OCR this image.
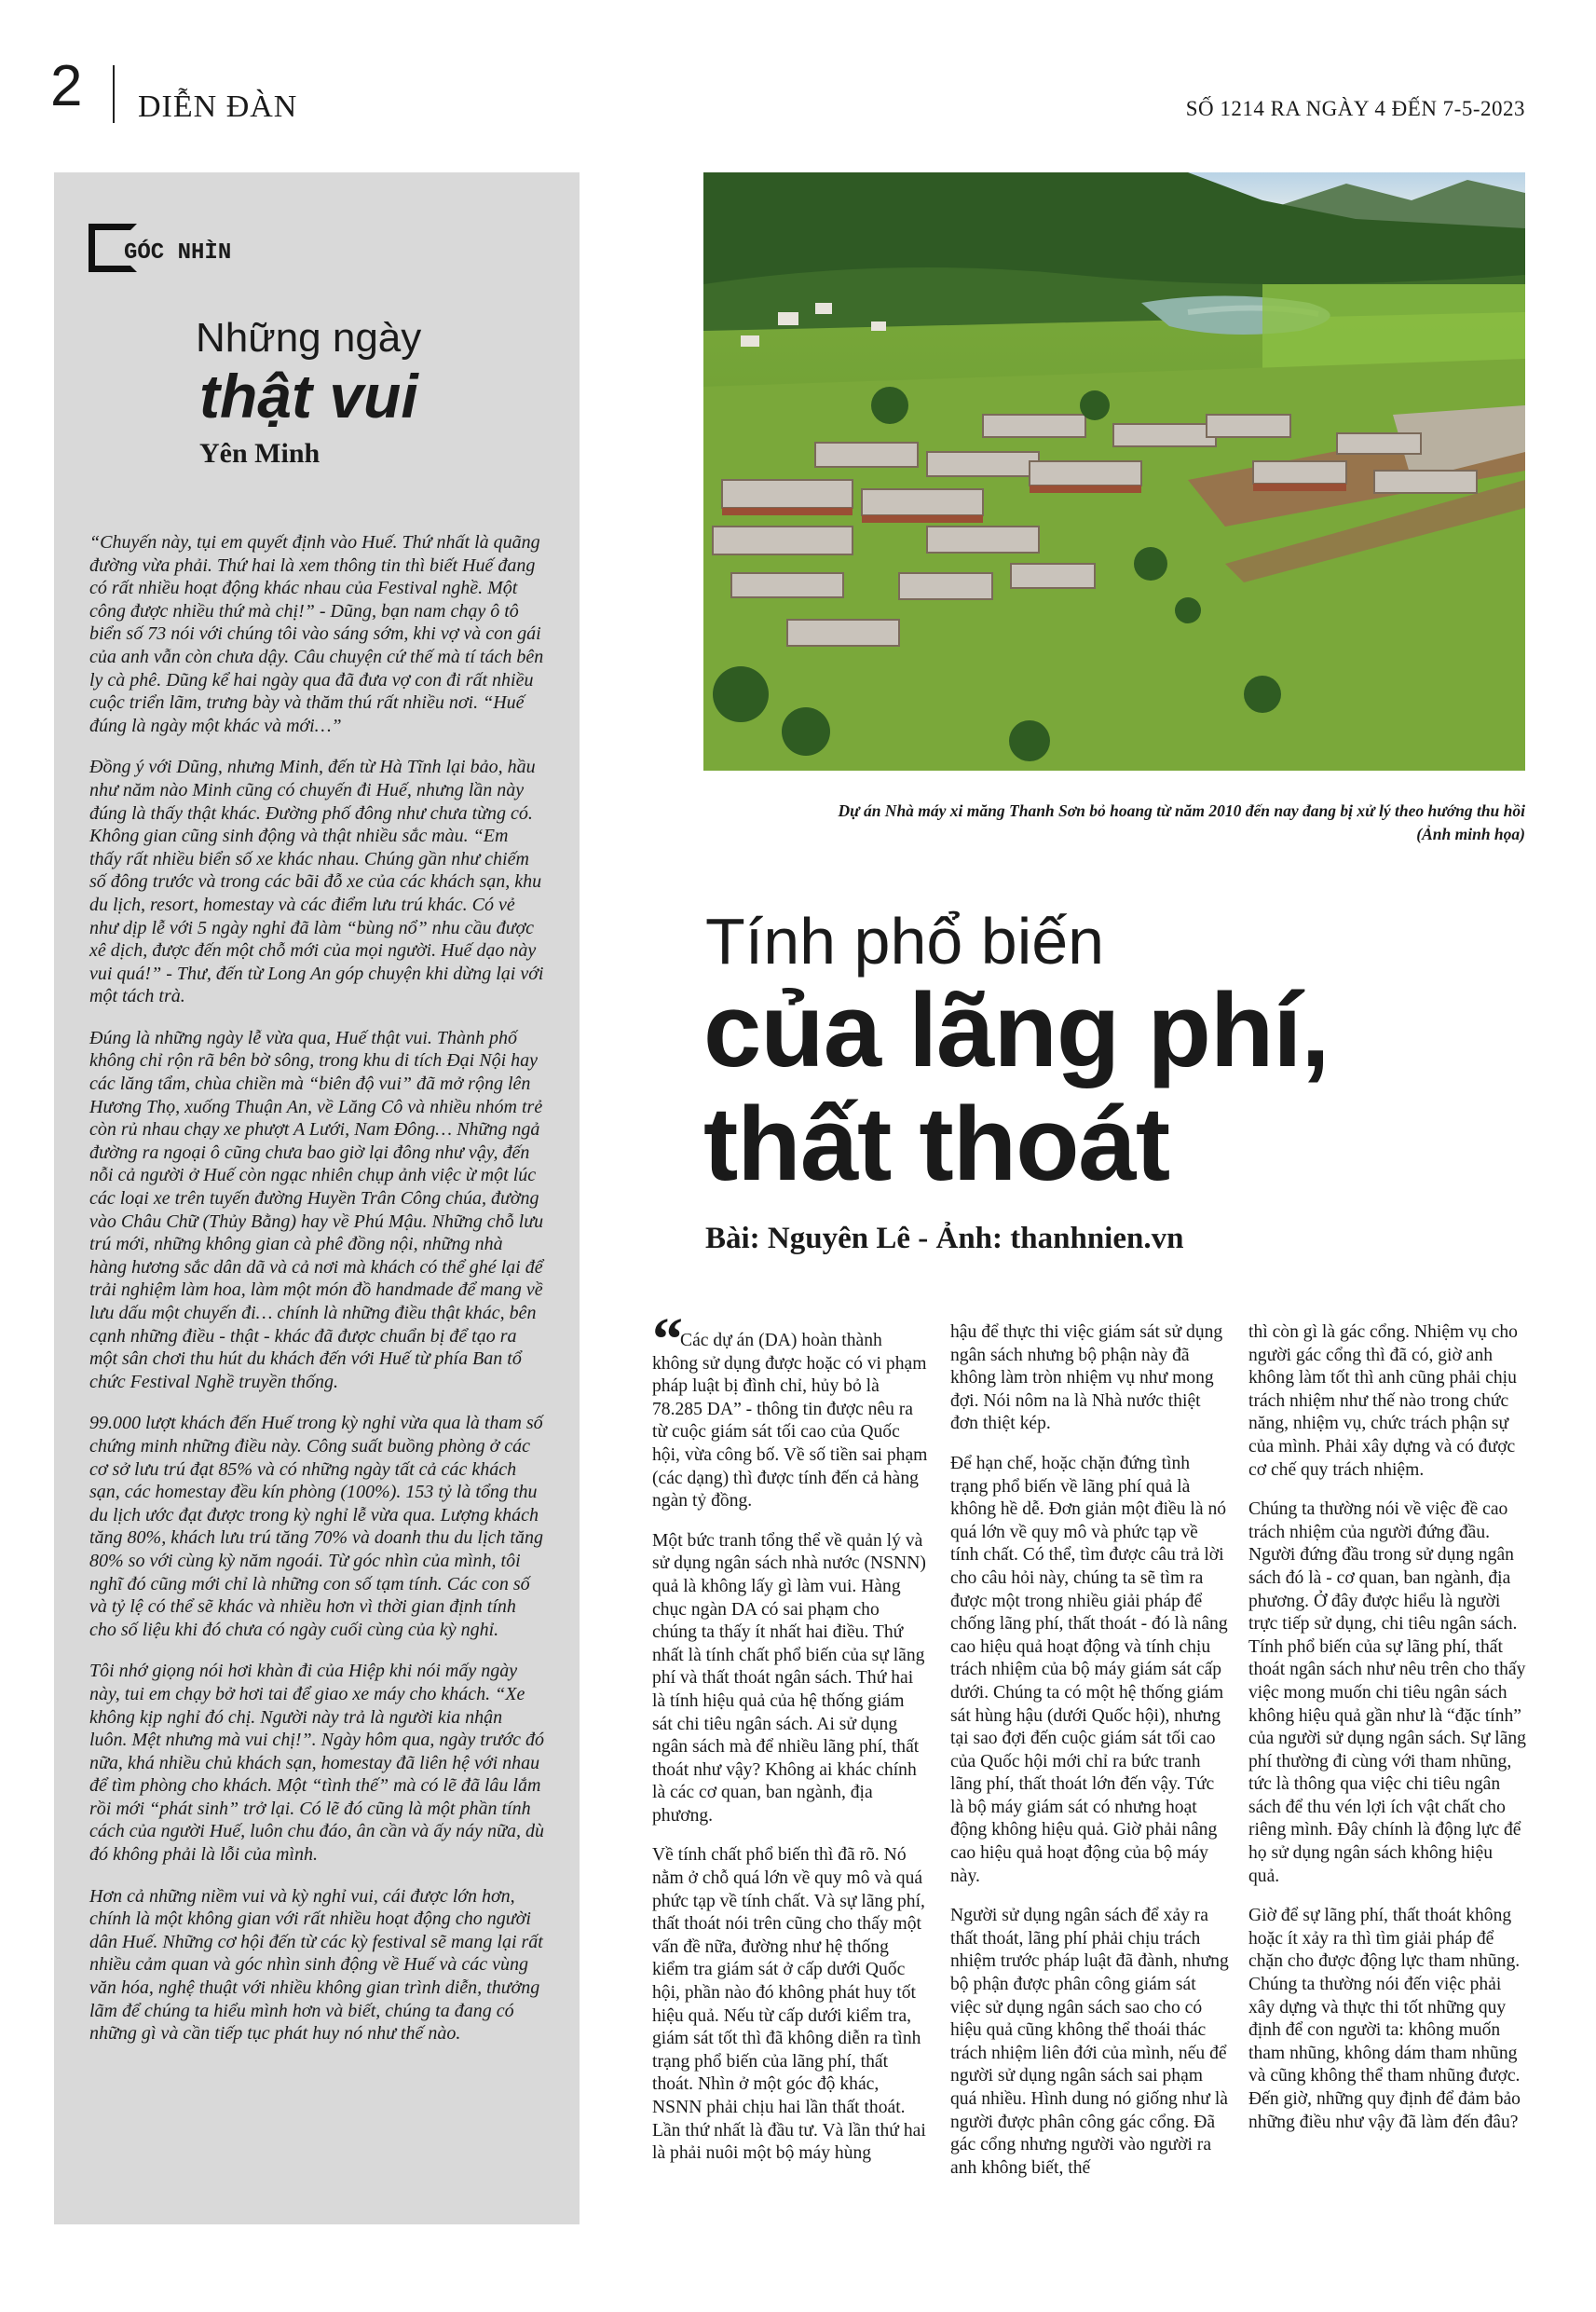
2 DIỄN ĐÀN	SỐ 1214 RA NGÀY 4 ĐẾN 7-5-2023
GÓC NHÌN
Những ngày
thật vui
Yên Minh

“Chuyến này, tụi em quyết định vào Huế. Thứ nhất là quãng đường vừa phải. Thứ hai là xem thông tin thì biết Huế đang có rất nhiều hoạt động khác nhau của Festival nghề. Một công được nhiều thứ mà chị!” - Dũng, bạn nam chạy ô tô biển số 73 nói với chúng tôi vào sáng sớm, khi vợ và con gái của anh vẫn còn chưa dậy. Câu chuyện cứ thế mà tí tách bên ly cà phê. Dũng kể hai ngày qua đã đưa vợ con đi rất nhiều cuộc triển lãm, trưng bày và thăm thú rất nhiều nơi. “Huế đúng là ngày một khác và mới…”

Đồng ý với Dũng, nhưng Minh, đến từ Hà Tĩnh lại bảo, hầu như năm nào Minh cũng có chuyến đi Huế, nhưng lần này đúng là thấy thật khác. Đường phố đông như chưa từng có. Không gian cũng sinh động và thật nhiều sắc màu. “Em thấy rất nhiều biển số xe khác nhau. Chúng gần như chiếm số đông trước và trong các bãi đỗ xe của các khách sạn, khu du lịch, resort, homestay và các điểm lưu trú khác. Có vẻ như dịp lễ với 5 ngày nghỉ đã làm “bùng nổ” nhu cầu được xê dịch, được đến một chỗ mới của mọi người. Huế dạo này vui quá!” - Thư, đến từ Long An góp chuyện khi dừng lại với một tách trà.

Đúng là những ngày lễ vừa qua, Huế thật vui. Thành phố không chỉ rộn rã bên bờ sông, trong khu di tích Đại Nội hay các lăng tẩm, chùa chiền mà “biên độ vui” đã mở rộng lên Hương Thọ, xuống Thuận An, về Lăng Cô và nhiều nhóm trẻ còn rủ nhau chạy xe phượt A Lưới, Nam Đông… Những ngả đường ra ngoại ô cũng chưa bao giờ lại đông như vậy, đến nỗi cả người ở Huế còn ngạc nhiên chụp ảnh việc ừ một lúc các loại xe trên tuyến đường Huyền Trân Công chúa, đường vào Châu Chữ (Thủy Bằng) hay về Phú Mậu. Những chỗ lưu trú mới, những không gian cà phê đồng nội, những nhà hàng hương sắc dân dã và cả nơi mà khách có thể ghé lại để trải nghiệm làm hoa, làm một món đồ handmade để mang về lưu dấu một chuyến đi… chính là những điều thật khác, bên cạnh những điều - thật - khác đã được chuẩn bị để tạo ra một sân chơi thu hút du khách đến với Huế từ phía Ban tổ chức Festival Nghề truyền thống.

99.000 lượt khách đến Huế trong kỳ nghỉ vừa qua là tham số chứng minh những điều này. Công suất buồng phòng ở các cơ sở lưu trú đạt 85% và có những ngày tất cả các khách sạn, các homestay đều kín phòng (100%). 153 tỷ là tổng thu du lịch ước đạt được trong kỳ nghỉ lễ vừa qua. Lượng khách tăng 80%, khách lưu trú tăng 70% và doanh thu du lịch tăng 80% so với cùng kỳ năm ngoái. Từ góc nhìn của mình, tôi nghĩ đó cũng mới chỉ là những con số tạm tính. Các con số và tỷ lệ có thể sẽ khác và nhiều hơn vì thời gian định tính cho số liệu khi đó chưa có ngày cuối cùng của kỳ nghỉ.

Tôi nhớ giọng nói hơi khàn đi của Hiệp khi nói mấy ngày này, tui em chạy bở hơi tai để giao xe máy cho khách. “Xe không kịp nghỉ đó chị. Người này trả là người kia nhận luôn. Mệt nhưng mà vui chị!”. Ngày hôm qua, ngày trước đó nữa, khá nhiều chủ khách sạn, homestay đã liên hệ với nhau để tìm phòng cho khách. Một “tình thế” mà có lẽ đã lâu lắm rồi mới “phát sinh” trở lại. Có lẽ đó cũng là một phần tính cách của người Huế, luôn chu đáo, ân cần và ấy náy nữa, dù đó không phải là lỗi của mình.

Hơn cả những niềm vui và kỳ nghỉ vui, cái được lớn hơn, chính là một không gian với rất nhiều hoạt động cho người dân Huế. Những cơ hội đến từ các kỳ festival sẽ mang lại rất nhiều cảm quan và góc nhìn sinh động về Huế và các vùng văn hóa, nghệ thuật với nhiều không gian trình diễn, thưởng lãm để chúng ta hiểu mình hơn và biết, chúng ta đang có những gì và cần tiếp tục phát huy nó như thế nào.

Dự án Nhà máy xi măng Thanh Sơn bỏ hoang từ năm 2010 đến nay đang bị xử lý theo hướng thu hồi
(Ảnh minh họa)
Tính phổ biến
của lãng phí,
thất thoát
Bài: Nguyên Lê - Ảnh: thanhnien.vn
“

Các dự án (DA) hoàn thành không sử dụng được hoặc có vi phạm pháp luật bị đình chỉ, hủy bỏ là 78.285 DA” - thông tin được nêu ra từ cuộc giám sát tối cao của Quốc hội, vừa công bố. Về số tiền sai phạm (các dạng) thì được tính đến cả hàng ngàn tỷ đồng.

Một bức tranh tổng thể về quản lý và sử dụng ngân sách nhà nước (NSNN) quả là không lấy gì làm vui. Hàng chục ngàn DA có sai phạm cho chúng ta thấy ít nhất hai điều. Thứ nhất là tính chất phổ biến của sự lãng phí và thất thoát ngân sách. Thứ hai là tính hiệu quả của hệ thống giám sát chi tiêu ngân sách. Ai sử dụng ngân sách mà để nhiều lãng phí, thất thoát như vậy? Không ai khác chính là các cơ quan, ban ngành, địa phương.

Về tính chất phổ biến thì đã rõ. Nó nằm ở chỗ quá lớn về quy mô và quá phức tạp về tính chất. Và sự lãng phí, thất thoát nói trên cũng cho thấy một vấn đề nữa, đường như hệ thống kiểm tra giám sát ở cấp dưới Quốc hội, phần nào đó không phát huy tốt hiệu quả. Nếu từ cấp dưới kiểm tra, giám sát tốt thì đã không diễn ra tình trạng phổ biến của lãng phí, thất thoát. Nhìn ở một góc độ khác, NSNN phải chịu hai lần thất thoát. Lần thứ nhất là đầu tư. Và lần thứ hai là phải nuôi một bộ máy hùng

hậu để thực thi việc giám sát sử dụng ngân sách nhưng bộ phận này đã không làm tròn nhiệm vụ như mong đợi. Nói nôm na là Nhà nước thiệt đơn thiệt kép.

Để hạn chế, hoặc chặn đứng tình trạng phổ biến về lãng phí quả là không hề dễ. Đơn giản một điều là nó quá lớn về quy mô và phức tạp về tính chất. Có thể, tìm được câu trả lời cho câu hỏi này, chúng ta sẽ tìm ra được một trong nhiều giải pháp để chống lãng phí, thất thoát - đó là nâng cao hiệu quả hoạt động và tính chịu trách nhiệm của bộ máy giám sát cấp dưới. Chúng ta có một hệ thống giám sát hùng hậu (dưới Quốc hội), nhưng tại sao đợi đến cuộc giám sát tối cao của Quốc hội mới chỉ ra bức tranh lãng phí, thất thoát lớn đến vậy. Tức là bộ máy giám sát có nhưng hoạt động không hiệu quả. Giờ phải nâng cao hiệu quả hoạt động của bộ máy này.

Người sử dụng ngân sách để xảy ra thất thoát, lãng phí phải chịu trách nhiệm trước pháp luật đã đành, nhưng bộ phận được phân công giám sát việc sử dụng ngân sách sao cho có hiệu quả cũng không thể thoái thác trách nhiệm liên đới của mình, nếu để người sử dụng ngân sách sai phạm quá nhiều. Hình dung nó giống như là người được phân công gác cổng. Đã gác cổng nhưng người vào người ra anh không biết, thế

thì còn gì là gác cổng. Nhiệm vụ cho người gác cổng thì đã có, giờ anh không làm tốt thì anh cũng phải chịu trách nhiệm như thế nào trong chức năng, nhiệm vụ, chức trách phận sự của mình. Phải xây dựng và có được cơ chế quy trách nhiệm.

Chúng ta thường nói về việc đề cao trách nhiệm của người đứng đầu. Người đứng đầu trong sử dụng ngân sách đó là - cơ quan, ban ngành, địa phương. Ở đây được hiểu là người trực tiếp sử dụng, chi tiêu ngân sách. Tính phổ biến của sự lãng phí, thất thoát ngân sách như nêu trên cho thấy việc mong muốn chi tiêu ngân sách không hiệu quả gần như là “đặc tính” của người sử dụng ngân sách. Sự lãng phí thường đi cùng với tham nhũng, tức là thông qua việc chi tiêu ngân sách để thu vén lợi ích vật chất cho riêng mình. Đây chính là động lực để họ sử dụng ngân sách không hiệu quả.

Giờ để sự lãng phí, thất thoát không hoặc ít xảy ra thì tìm giải pháp để chặn cho được động lực tham nhũng. Chúng ta thường nói đến việc phải xây dựng và thực thi tốt những quy định để con người ta: không muốn tham nhũng, không dám tham nhũng và cũng không thể tham nhũng được. Đến giờ, những quy định để đảm bảo những điều như vậy đã làm đến đâu?
